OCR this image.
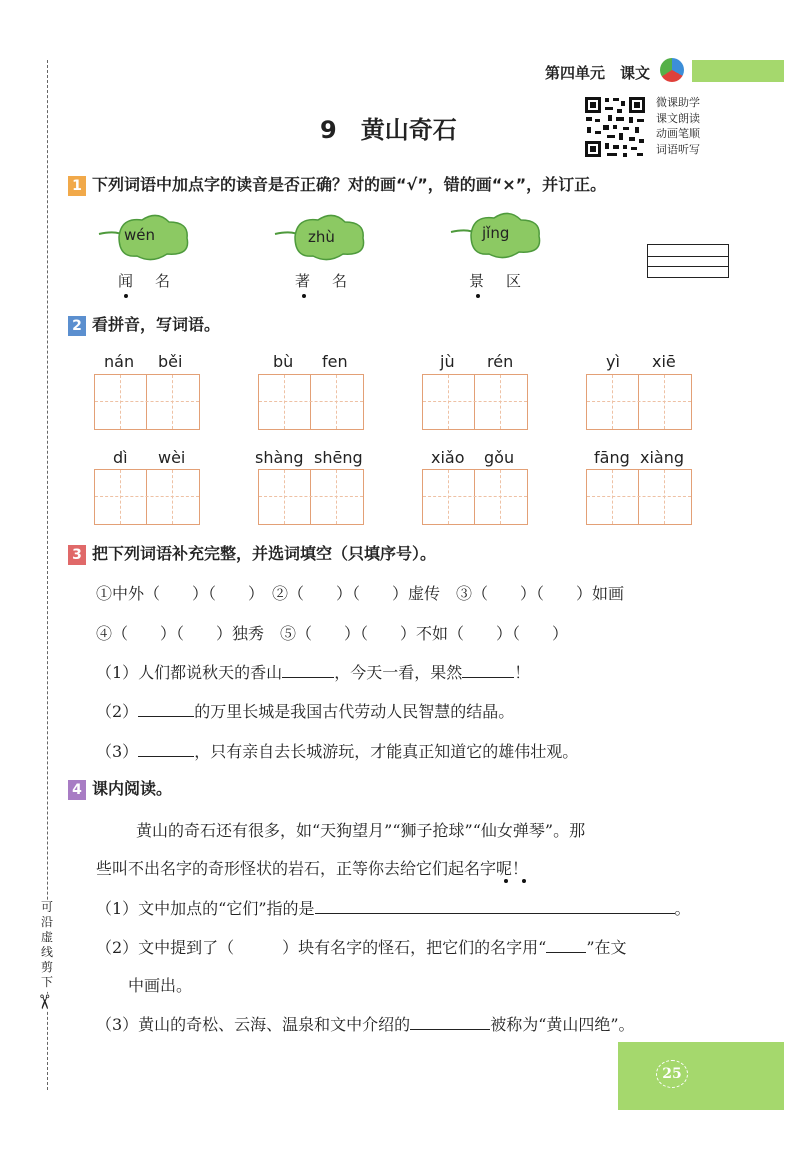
可沿虚线剪下
✂
第四单元　课文
9　黄山奇石
微课助学
课文朗读
动画笔顺
词语听写
1 下列词语中加点字的读音是否正确？对的画“√”，错的画“×”，并订正。
wén
闻名
zhù
著名
jǐng
景区
2 看拼音，写词语。
nán běi	bù fen	jù rén	yì xiē
dì wèi	shàng shēng	xiǎo gǒu	fāng xiàng
3 把下列词语补充完整，并选词填空（只填序号）。
①中外（　　）（　　）　②（　　）（　　）虚传　③（　　）（　　）如画
④（　　）（　　）独秀　⑤（　　）（　　）不如（　　）（　　）
（1）人们都说秋天的香山	，今天一看，果然	！
（2）	的万里长城是我国古代劳动人民智慧的结晶。
（3）	，只有亲自去长城游玩，才能真正知道它的雄伟壮观。
4 课内阅读。
黄山的奇石还有很多，如“天狗望月”“狮子抢球”“仙女弹琴”。那
些叫不出名字的奇形怪状的岩石，正等你去给它们起名字呢！
（1）文中加点的“它们”指的是	。
（2）文中提到了（　　　）块有名字的怪石，把它们的名字用“	”在文
中画出。
（3）黄山的奇松、云海、温泉和文中介绍的	被称为“黄山四绝”。
25
